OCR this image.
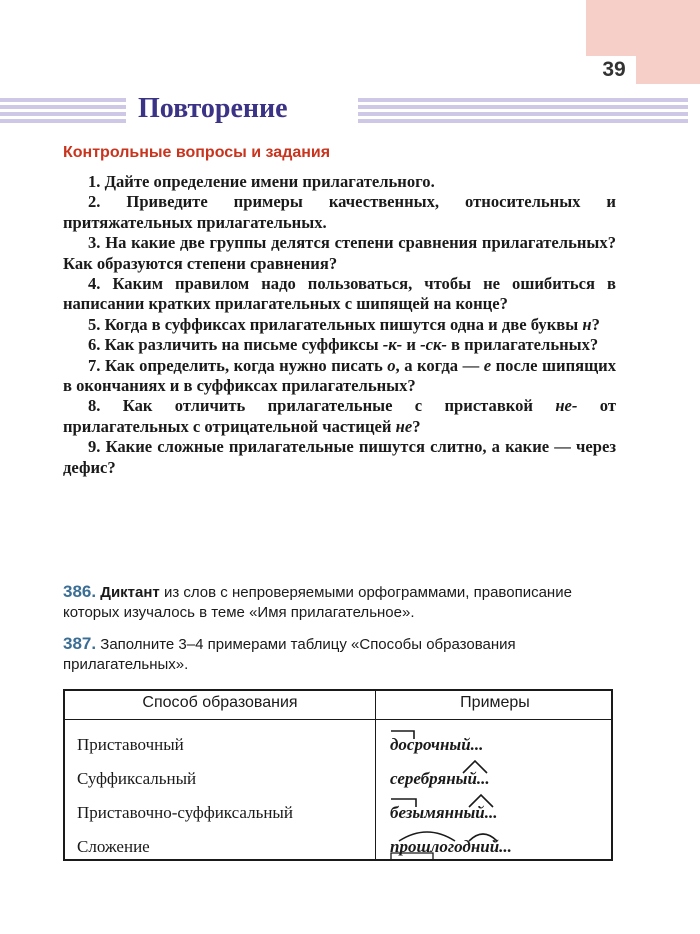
39
Повторение
Контрольные вопросы и задания

1. Дайте определение имени прилагательного.

2. Приведите примеры качественных, относительных и притяжательных прилагательных.

3. На какие две группы делятся степени сравнения прилагательных? Как образуются степени сравнения?

4. Каким правилом надо пользоваться, чтобы не ошибиться в написании кратких прилагательных с шипящей на конце?

5. Когда в суффиксах прилагательных пишутся одна и две буквы н?

6. Как различить на письме суффиксы -к- и -ск- в прилагательных?

7. Как определить, когда нужно писать о, а когда — е после шипящих в окончаниях и в суффиксах прилагательных?

8. Как отличить прилагательные с приставкой не- от прилагательных с отрицательной частицей не?

9. Какие сложные прилагательные пишутся слитно, а какие — через дефис?

386. Диктант из слов с непроверяемыми орфограммами, правописание которых изучалось в теме «Имя прилагательное».
387. Заполните 3–4 примерами таблицу «Способы образования прилагательных».
Способ образования	Примеры
Приставочный	досрочный...
Суффиксальный	серебряный...
Приставочно-суффиксальный	безымянный...
Сложение	прошлогодний...
